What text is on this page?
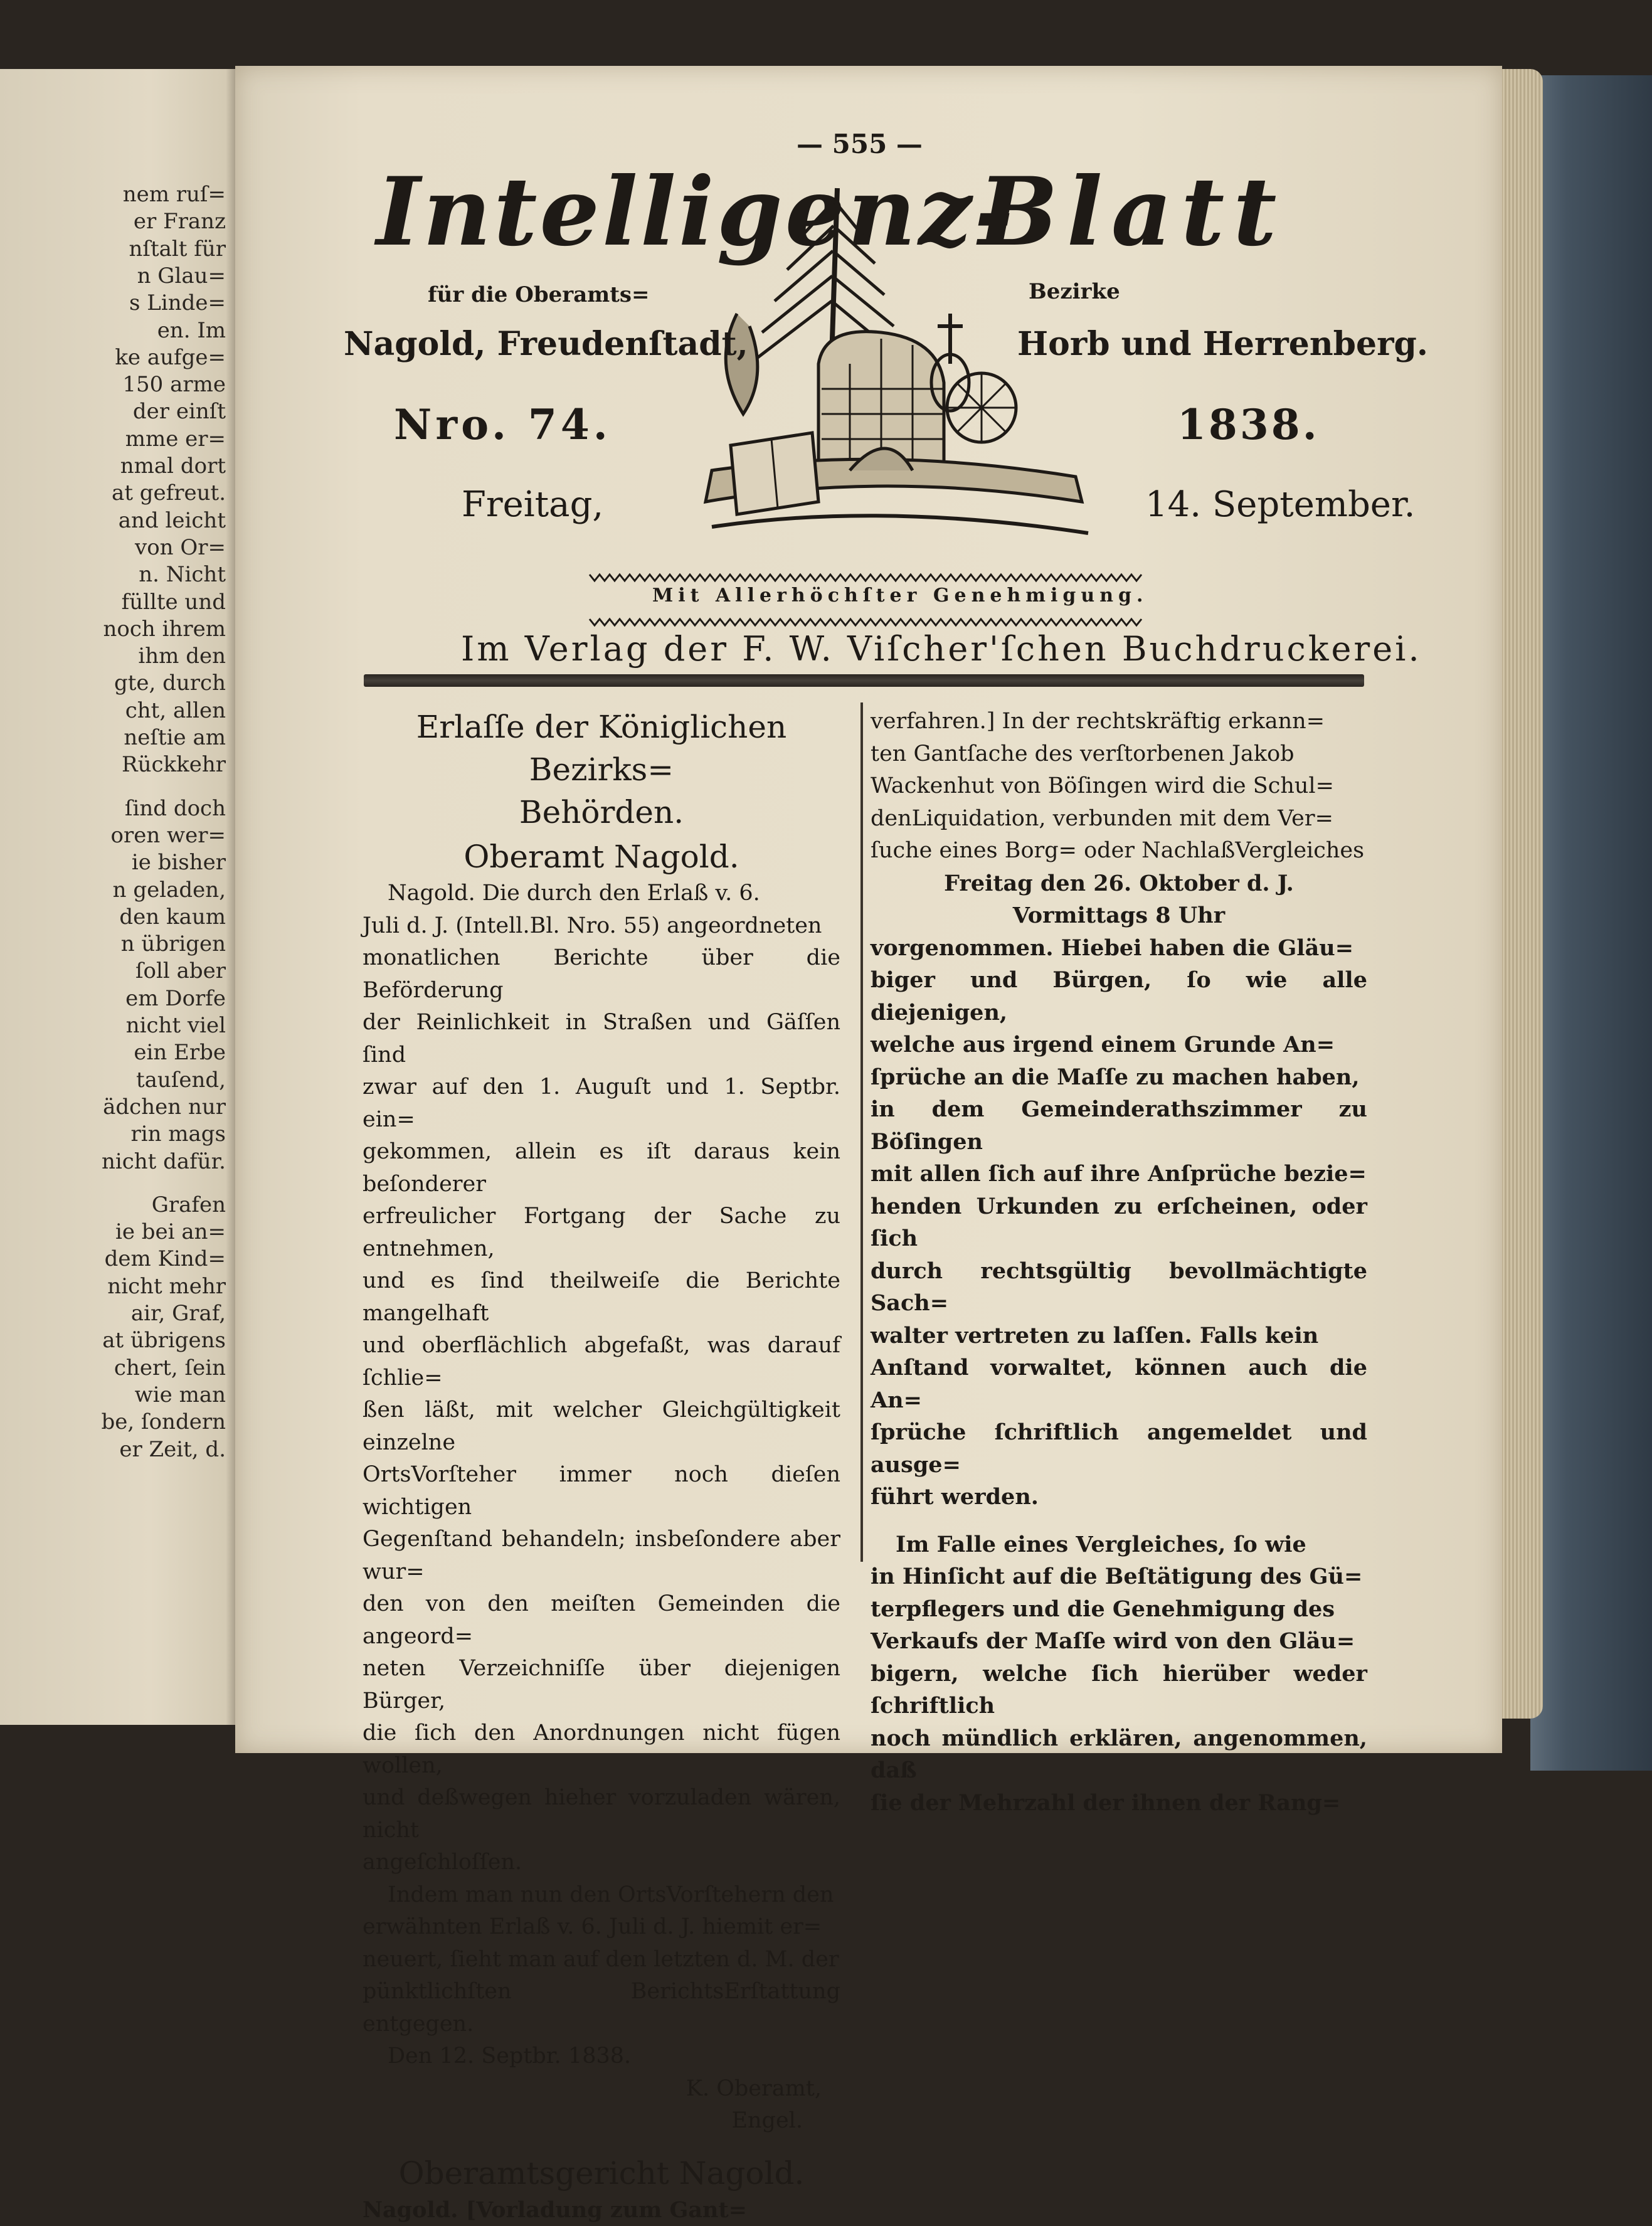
nem ruſ=

er Franz

nſtalt für

n Glau=

s Linde=

en. Im

ke aufge=

150 arme

der einſt

mme er=

nmal dort

at gefreut.

and leicht

von Or=

n. Nicht

füllte und

noch ihrem

ihm den

gte, durch

cht, allen

neſtie am

Rückkehr

ſind doch

oren wer=

ie bisher

n geladen,

den kaum

n übrigen

ſoll aber

em Dorfe

nicht viel

ein Erbe

tauſend,

ädchen nur

rin mags

nicht dafür.

Grafen

ie bei an=

dem Kind=

nicht mehr

air, Graf,

at übrigens

chert, ſein

wie man

be, ſondern

er Zeit, d.

— 555 —

Intelligenz-

Blatt

für die Oberamts=	Bezirke

Nagold, Freudenſtadt,	Horb und Herrenberg.

Nro. 74.	1838.

Freitag,	14. September.

Mit Allerhöchſter Genehmigung.

Im Verlag der F. W. Viſcher'ſchen Buchdruckerei.

Erlaſſe der Königlichen Bezirks=

Behörden.

Oberamt Nagold.

Nagold. Die durch den Erlaß v. 6.

Juli d. J. (Intell.Bl. Nro. 55) angeordneten

monatlichen Berichte über die Beförderung

der Reinlichkeit in Straßen und Gäſſen ſind

zwar auf den 1. Auguſt und 1. Septbr. ein=

gekommen, allein es iſt daraus kein beſonderer

erfreulicher Fortgang der Sache zu entnehmen,

und es ſind theilweiſe die Berichte mangelhaft

und oberflächlich abgefaßt, was darauf ſchlie=

ßen läßt, mit welcher Gleichgültigkeit einzelne

OrtsVorſteher immer noch dieſen wichtigen

Gegenſtand behandeln; insbeſondere aber wur=

den von den meiſten Gemeinden die angeord=

neten Verzeichniſſe über diejenigen Bürger,

die ſich den Anordnungen nicht fügen wollen,

und deßwegen hieher vorzuladen wären, nicht

angeſchloſſen.

Indem man nun den OrtsVorſtehern den

erwähnten Erlaß v. 6. Juli d. J. hiemit er=

neuert, ſieht man auf den letzten d. M. der

pünktlichſten BerichtsErſtattung entgegen.

Den 12. Septbr. 1838.

K. Oberamt,

Engel.

Oberamtsgericht Nagold.

Nagold. [Vorladung zum Gant=

verfahren.] In der rechtskräftig erkann=

ten Gantſache des verſtorbenen Jakob

Wackenhut von Böſingen wird die Schul=

denLiquidation, verbunden mit dem Ver=

ſuche eines Borg= oder NachlaßVergleiches

Freitag den 26. Oktober d. J.

Vormittags 8 Uhr

vorgenommen. Hiebei haben die Gläu=

biger und Bürgen, ſo wie alle diejenigen,

welche aus irgend einem Grunde An=

ſprüche an die Maſſe zu machen haben,

in dem Gemeinderathszimmer zu Böſingen

mit allen ſich auf ihre Anſprüche bezie=

henden Urkunden zu erſcheinen, oder ſich

durch rechtsgültig bevollmächtigte Sach=

walter vertreten zu laſſen. Falls kein

Anſtand vorwaltet, können auch die An=

ſprüche ſchriftlich angemeldet und ausge=

führt werden.

Im Falle eines Vergleiches, ſo wie

in Hinſicht auf die Beſtätigung des Gü=

terpflegers und die Genehmigung des

Verkaufs der Maſſe wird von den Gläu=

bigern, welche ſich hierüber weder ſchriftlich

noch mündlich erklären, angenommen, daß

ſie der Mehrzahl der ihnen der Rang=
